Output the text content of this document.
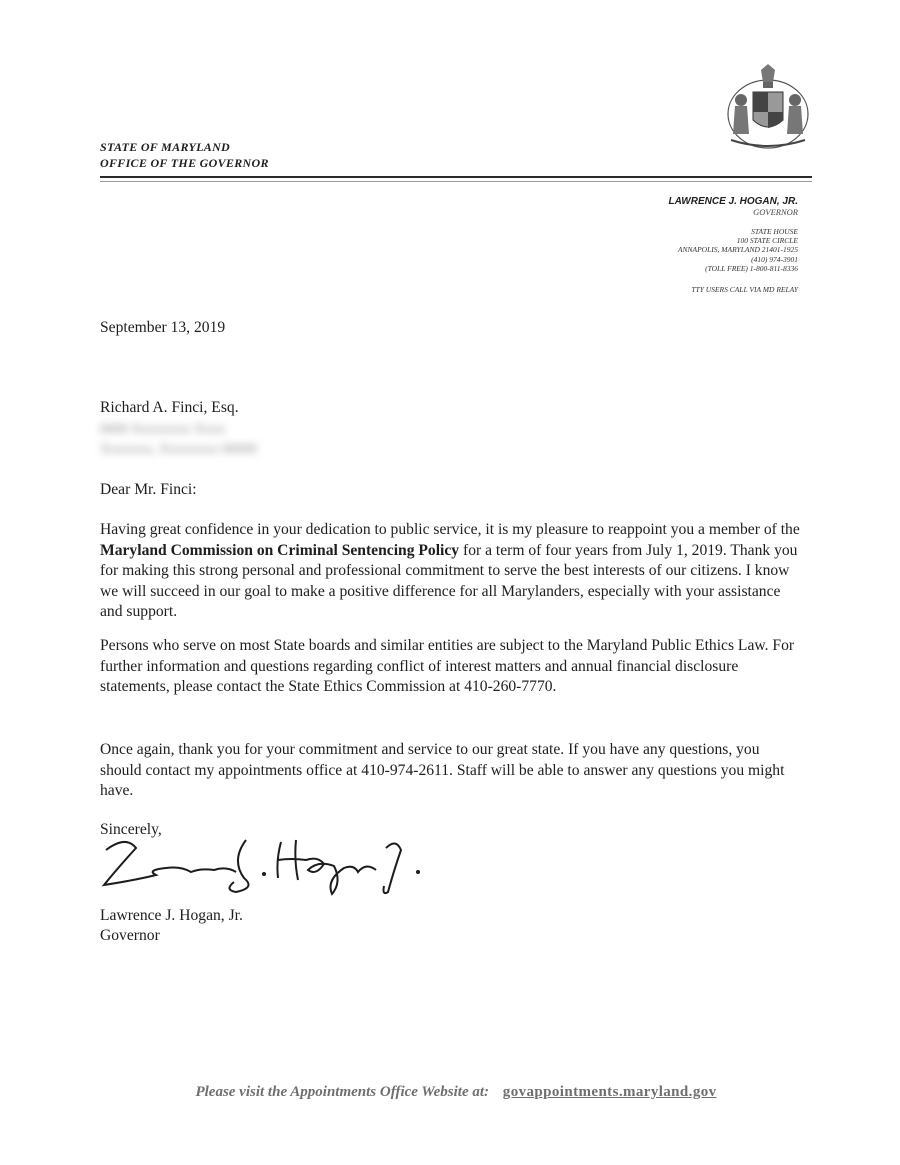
STATE OF MARYLAND
OFFICE OF THE GOVERNOR
LAWRENCE J. HOGAN, JR.
GOVERNOR
STATE HOUSE
100 STATE CIRCLE
ANNAPOLIS, MARYLAND 21401-1925
(410) 974-3901
(TOLL FREE) 1-800-811-8336
TTY USERS CALL VIA MD RELAY
September 13, 2019
Richard A. Finci, Esq.
0000 Xxxxxxxx Xxxx
Xxxxxxx, Xxxxxxxx 00000
Dear Mr. Finci:
Having great confidence in your dedication to public service, it is my pleasure to reappoint you a member of the Maryland Commission on Criminal Sentencing Policy for a term of four years from July 1, 2019. Thank you for making this strong personal and professional commitment to serve the best interests of our citizens. I know we will succeed in our goal to make a positive difference for all Marylanders, especially with your assistance and support.
Persons who serve on most State boards and similar entities are subject to the Maryland Public Ethics Law. For further information and questions regarding conflict of interest matters and annual financial disclosure statements, please contact the State Ethics Commission at 410-260-7770.
Once again, thank you for your commitment and service to our great state. If you have any questions, you should contact my appointments office at 410-974-2611. Staff will be able to answer any questions you might have.
Sincerely,
Lawrence J. Hogan, Jr.
Governor
Please visit the Appointments Office Website at: govappointments.maryland.gov
